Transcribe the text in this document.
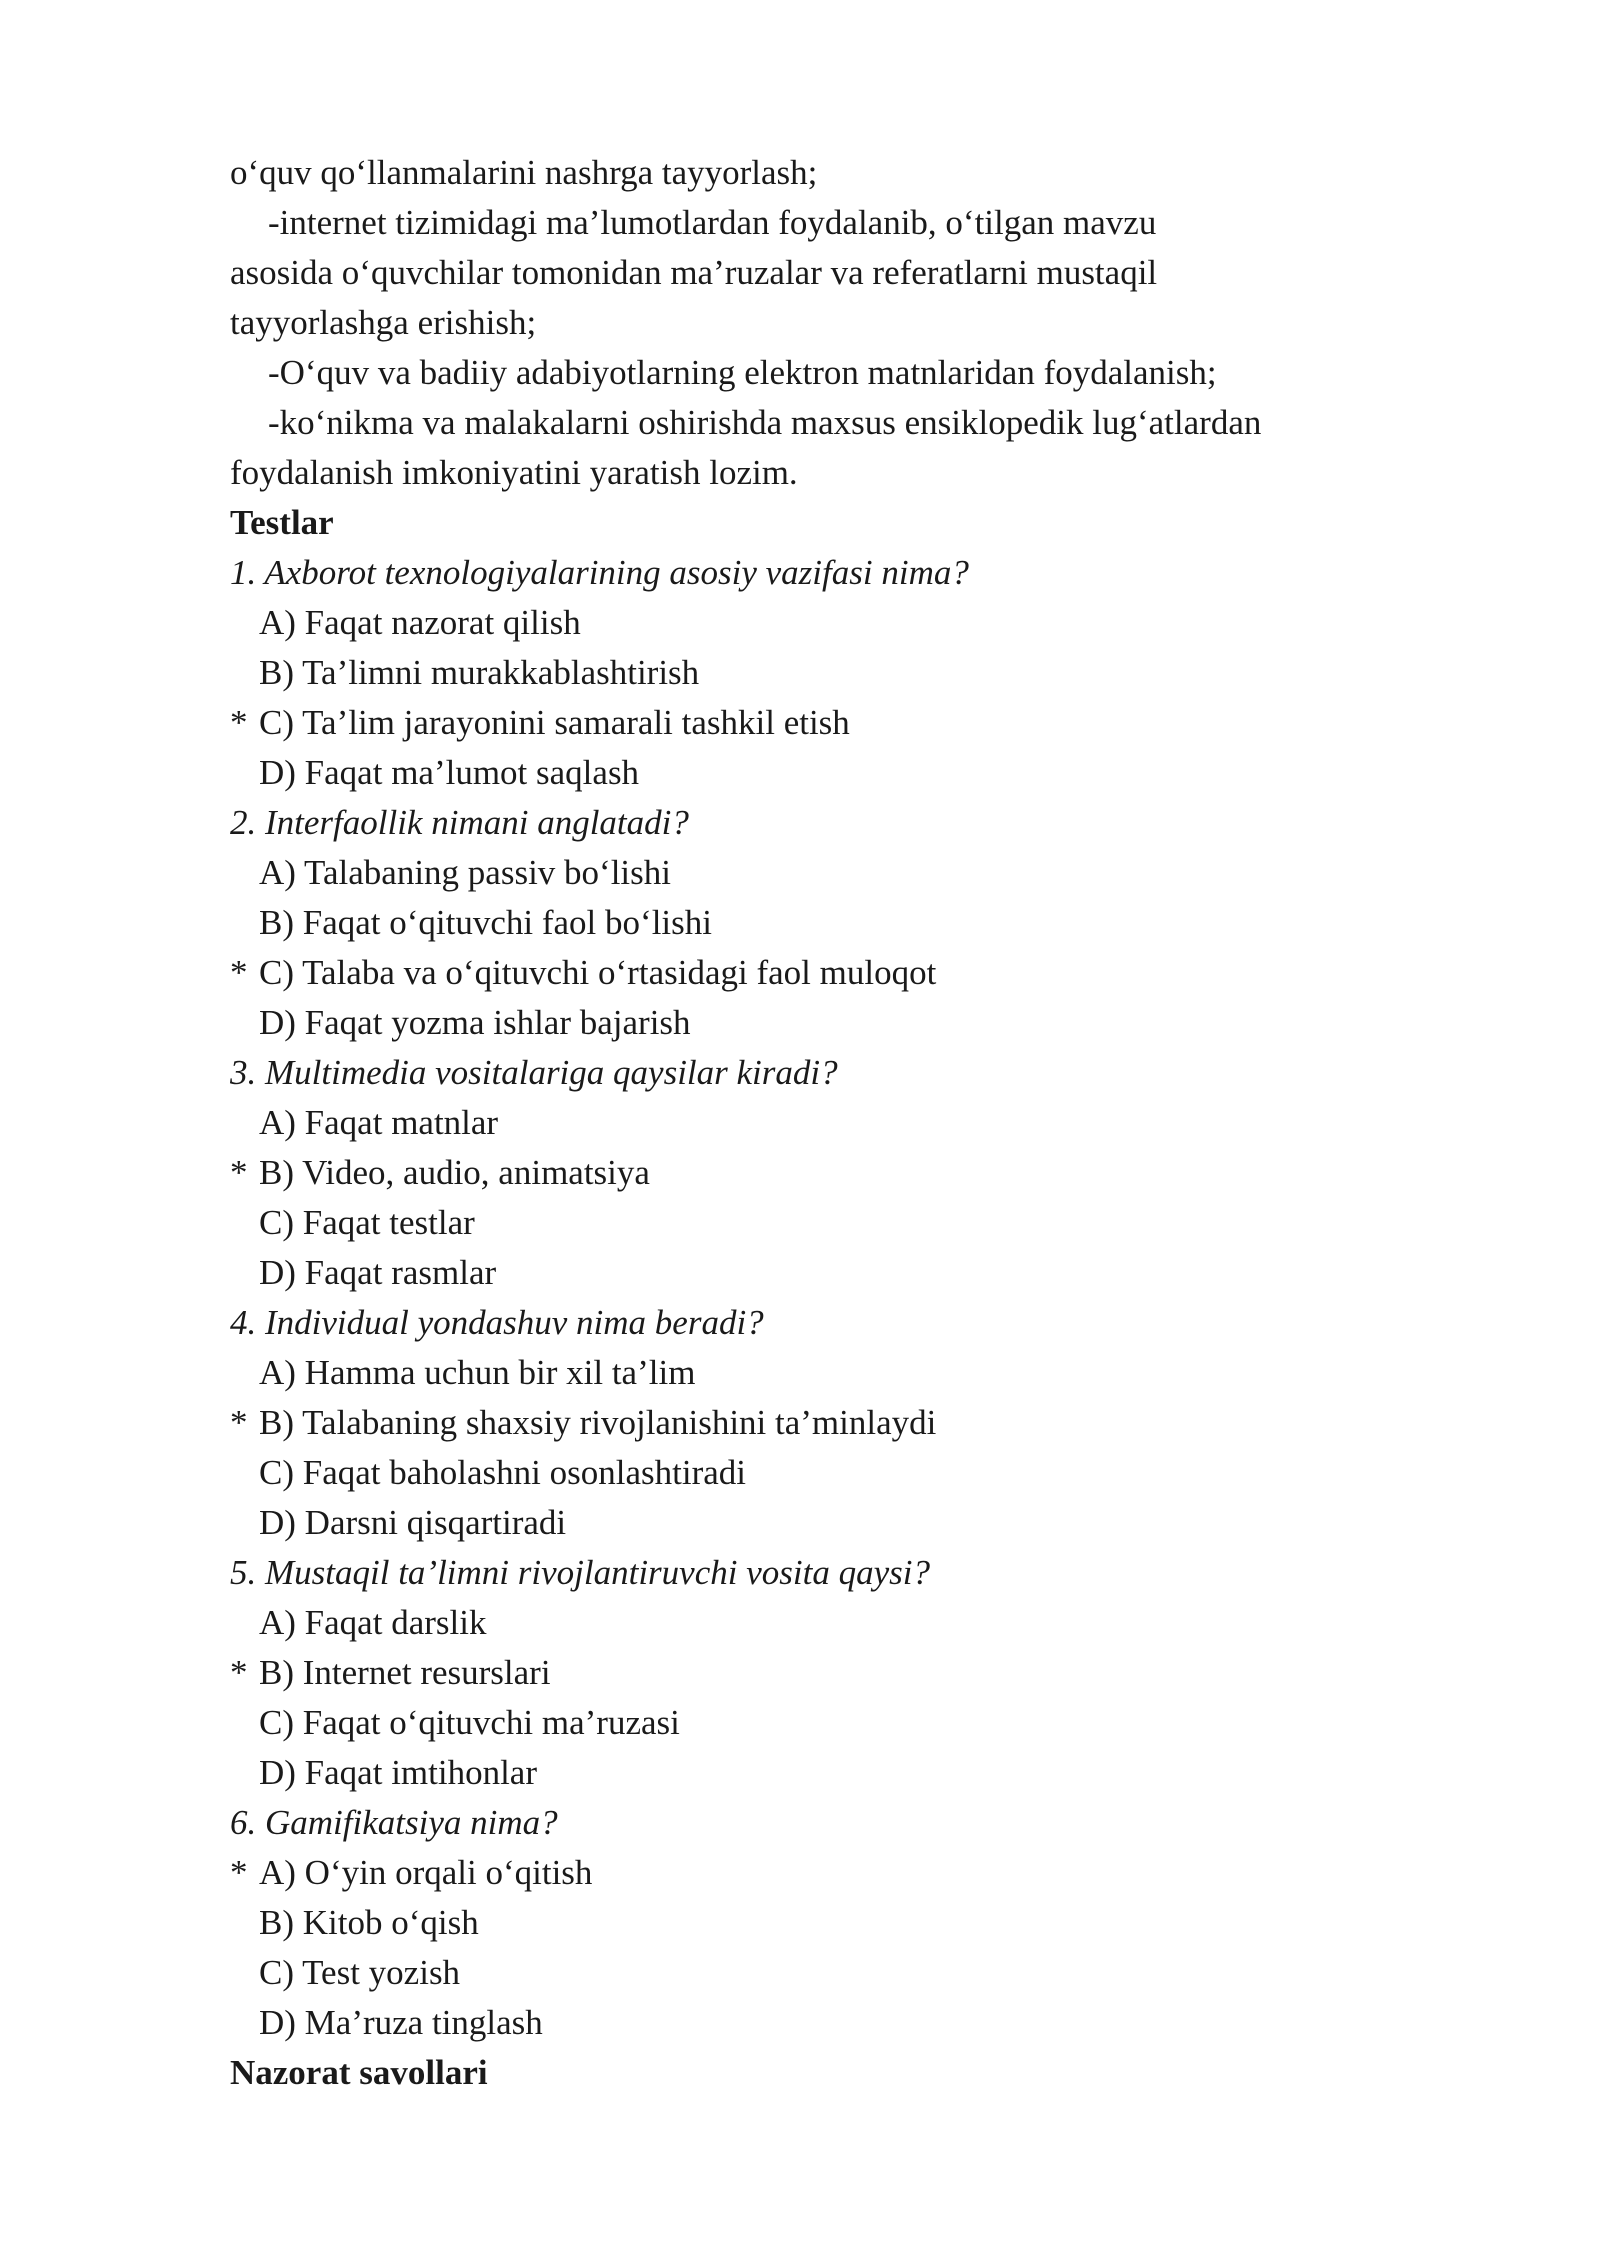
o‘quv qo‘llanmalarini nashrga tayyorlash;
-internet tizimidagi ma’lumotlardan foydalanib, o‘tilgan mavzu
asosida o‘quvchilar tomonidan ma’ruzalar va referatlarni mustaqil
tayyorlashga erishish;
-O‘quv va badiiy adabiyotlarning elektron matnlaridan foydalanish;
-ko‘nikma va malakalarni oshirishda maxsus ensiklopedik lug‘atlardan
foydalanish imkoniyatini yaratish lozim.
Testlar
1. Axborot texnologiyalarining asosiy vazifasi nima?
A) Faqat nazorat qilish
B) Ta’limni murakkablashtirish
* C) Ta’lim jarayonini samarali tashkil etish
D) Faqat ma’lumot saqlash
2. Interfaollik nimani anglatadi?
A) Talabaning passiv bo‘lishi
B) Faqat o‘qituvchi faol bo‘lishi
* C) Talaba va o‘qituvchi o‘rtasidagi faol muloqot
D) Faqat yozma ishlar bajarish
3. Multimedia vositalariga qaysilar kiradi?
A) Faqat matnlar
* B) Video, audio, animatsiya
C) Faqat testlar
D) Faqat rasmlar
4. Individual yondashuv nima beradi?
A) Hamma uchun bir xil ta’lim
* B) Talabaning shaxsiy rivojlanishini ta’minlaydi
C) Faqat baholashni osonlashtiradi
D) Darsni qisqartiradi
5. Mustaqil ta’limni rivojlantiruvchi vosita qaysi?
A) Faqat darslik
* B) Internet resurslari
C) Faqat o‘qituvchi ma’ruzasi
D) Faqat imtihonlar
6. Gamifikatsiya nima?
* A) O‘yin orqali o‘qitish
B) Kitob o‘qish
C) Test yozish
D) Ma’ruza tinglash
Nazorat savollari
